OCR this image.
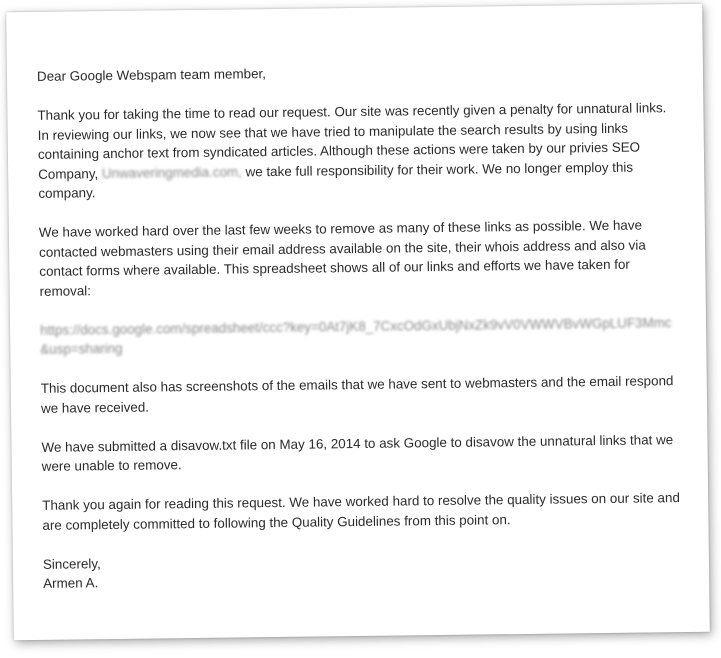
Dear Google Webspam team member,

Thank you for taking the time to read our request. Our site was recently given a penalty for unnatural links. In reviewing our links, we now see that we have tried to manipulate the search results by using links containing anchor text from syndicated articles. Although these actions were taken by our privies SEO Company, Unwaveringmedia.com, we take full responsibility for their work. We no longer employ this company.

We have worked hard over the last few weeks to remove as many of these links as possible. We have contacted webmasters using their email address available on the site, their whois address and also via contact forms where available. This spreadsheet shows all of our links and efforts we have taken for removal:

https://docs.google.com/spreadsheet/ccc?key=0At7jK8_7CxcOdGxUbjNxZk9vV0VWWVBvWGpLUF3Mmc&usp=sharing

This document also has screenshots of the emails that we have sent to webmasters and the email respond we have received.

We have submitted a disavow.txt file on May 16, 2014 to ask Google to disavow the unnatural links that we were unable to remove.

Thank you again for reading this request. We have worked hard to resolve the quality issues on our site and are completely committed to following the Quality Guidelines from this point on.

Sincerely,
Armen A.
